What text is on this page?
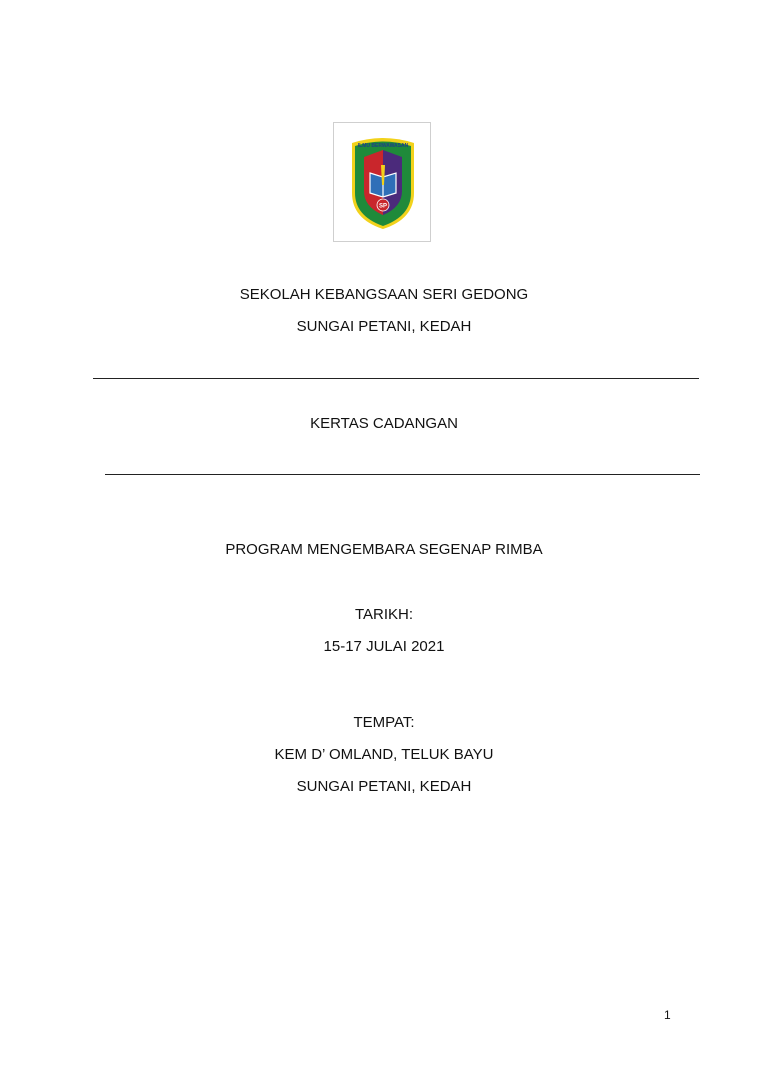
SP
ILMU BERWAWASAN
SEKOLAH KEBANGSAAN SERI GEDONG
SUNGAI PETANI, KEDAH
KERTAS CADANGAN
PROGRAM MENGEMBARA SEGENAP RIMBA
TARIKH:
15-17 JULAI 2021
TEMPAT:
KEM D’ OMLAND, TELUK BAYU
SUNGAI PETANI, KEDAH
1
